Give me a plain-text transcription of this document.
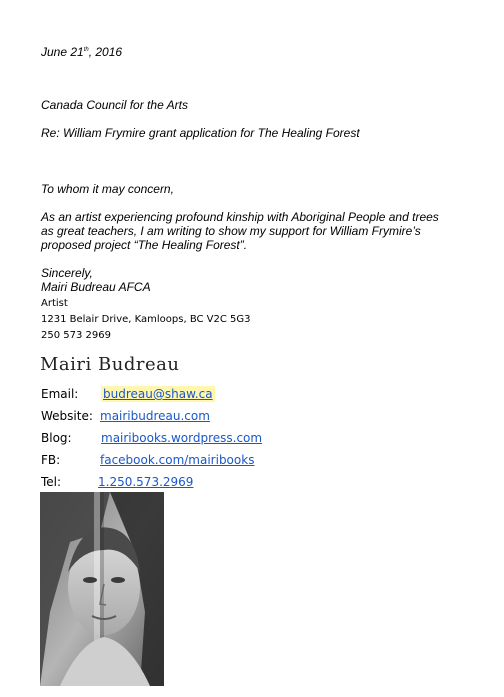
June 21th, 2016
Canada Council for the Arts
Re: William Frymire grant application for The Healing Forest
To whom it may concern,
As an artist experiencing profound kinship with Aboriginal People and trees
as great teachers, I am writing to show my support for William Frymire’s
proposed project “The Healing Forest”.
Sincerely,
Mairi Budreau AFCA
Artist
1231 Belair Drive, Kamloops, BC V2C 5G3
250 573 2969
Mairi Budreau
Email: budreau@shaw.ca
Website: mairibudreau.com
Blog: mairibooks.wordpress.com
FB:	facebook.com/mairibooks
Tel:	1.250.573.2969
